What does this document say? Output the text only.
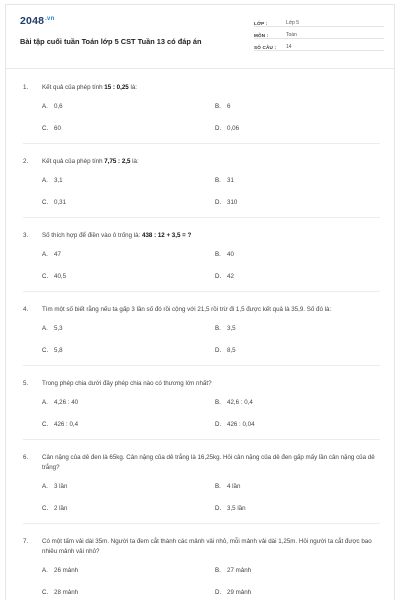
$2048^{.vn}$
Bài tập cuối tuần Toán lớp 5 CST Tuần 13 có đáp án
LỚP :	Lớp 5
MÔN :	Toán
SỐ CÂU :	14
1.	Kết quả của phép tính 15 : 0,25 là:
A. 0,6	B. 6
C. 60	D. 0,06
2.	Kết quả của phép tính 7,75 : 2,5 là:
A. 3,1	B. 31
C. 0,31	D. 310
3.	Số thích hợp để điền vào ô trống là: 438 : 12 + 3,5 = ?
A. 47	B. 40
C. 40,5	D. 42
4.	Tìm một số biết rằng nếu ta gấp 3 lần số đó rồi cộng với 21,5 rồi trừ đi 1,5 được kết quả là 35,9. Số đó là:
A. 5,3	B. 3,5
C. 5,8	D. 8,5
5.	Trong phép chia dưới đây phép chia nào có thương lớn nhất?
A. 4,26 : 40	B. 42,6 : 0,4
C. 426 : 0,4	D. 426 : 0,04
6.	Cân nặng của dê đen là 65kg. Cân nặng của dê trắng là 16,25kg. Hỏi cân nặng của dê đen gấp mấy lần cân nặng của dê trắng?
A. 3 lần	B. 4 lần
C. 2 lần	D. 3,5 lần
7.	Có một tấm vải dài 35m. Người ta đem cắt thành các mảnh vải nhỏ, mỗi mảnh vải dài 1,25m. Hỏi người ta cắt được bao nhiêu mảnh vải nhỏ?
A. 26 mảnh	B. 27 mảnh
C. 28 mảnh	D. 29 mảnh
